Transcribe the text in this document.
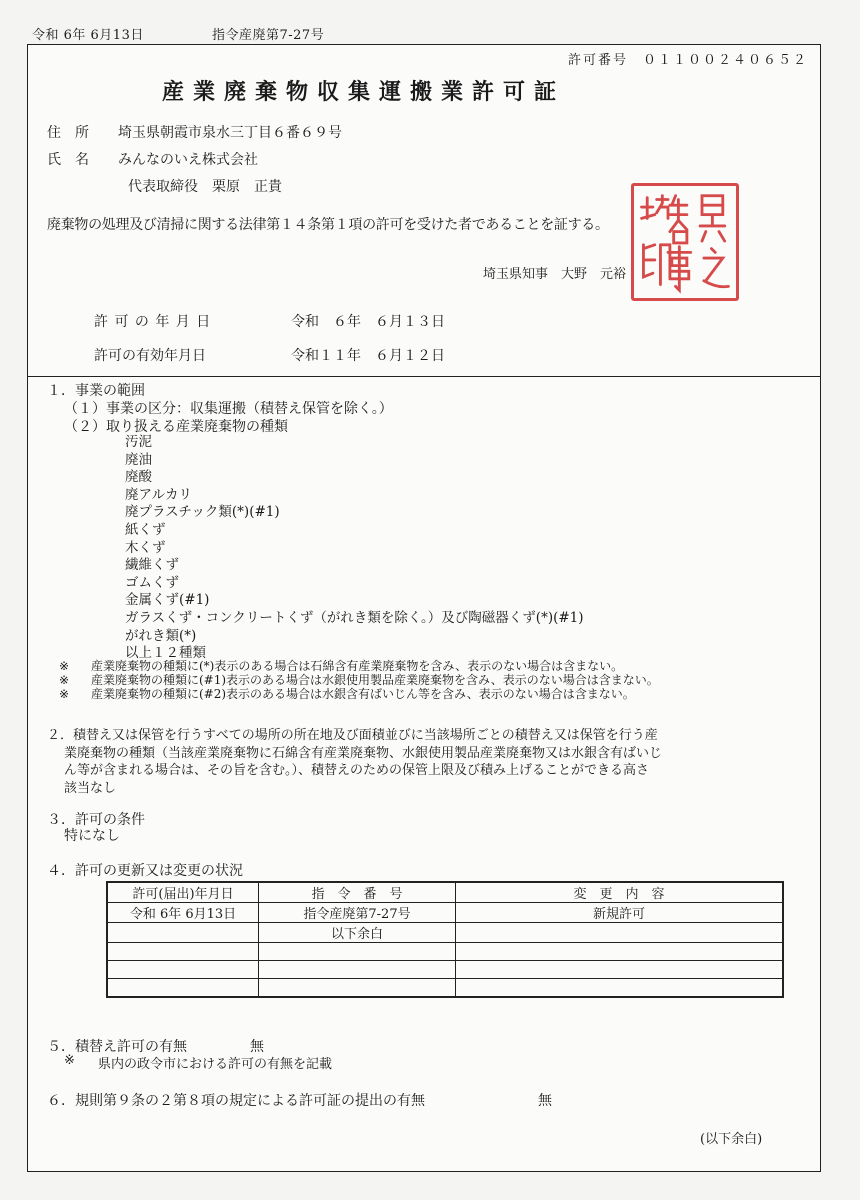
令和 6年 6月13日	指令産廃第7-27号
許可番号　０１１００２４０６５２
産業廃棄物収集運搬業許可証
住　所 埼玉県朝霞市泉水三丁目６番６９号
氏　名 みんなのいえ株式会社
代表取締役　栗原　正貴
廃棄物の処理及び清掃に関する法律第１４条第１項の許可を受けた者であることを証する。
埼玉県知事　大野　元裕
許 可 の 年 月 日	令和　６年　６月１３日
許可の有効年月日	令和１１年　６月１２日
１．事業の範囲
（１）事業の区分：収集運搬（積替え保管を除く。）
（２）取り扱える産業廃棄物の種類
汚泥
廃油
廃酸
廃アルカリ
廃プラスチック類(*)(#1)
紙くず
木くず
繊維くず
ゴムくず
金属くず(#1)
ガラスくず・コンクリートくず（がれき類を除く。）及び陶磁器くず(*)(#1)
がれき類(*)
以上１２種類
※ 産業廃棄物の種類に(*)表示のある場合は石綿含有産業廃棄物を含み、表示のない場合は含まない。
※ 産業廃棄物の種類に(#1)表示のある場合は水銀使用製品産業廃棄物を含み、表示のない場合は含まない。
※ 産業廃棄物の種類に(#2)表示のある場合は水銀含有ばいじん等を含み、表示のない場合は含まない。
２．積替え又は保管を行うすべての場所の所在地及び面積並びに当該場所ごとの積替え又は保管を行う産
業廃棄物の種類（当該産業廃棄物に石綿含有産業廃棄物、水銀使用製品産業廃棄物又は水銀含有ばいじ
ん等が含まれる場合は、その旨を含む。）、積替えのための保管上限及び積み上げることができる高さ
該当なし
３．許可の条件
特になし
４．許可の更新又は変更の状況
許可(届出)年月日	指　令　番　号	変　更　内　容
令和 6年 6月13日	指令産廃第7-27号	新規許可
	以下余白	

５．積替え許可の有無	無
※ 県内の政令市における許可の有無を記載
６．規則第９条の２第８項の規定による許可証の提出の有無	無
(以下余白)
